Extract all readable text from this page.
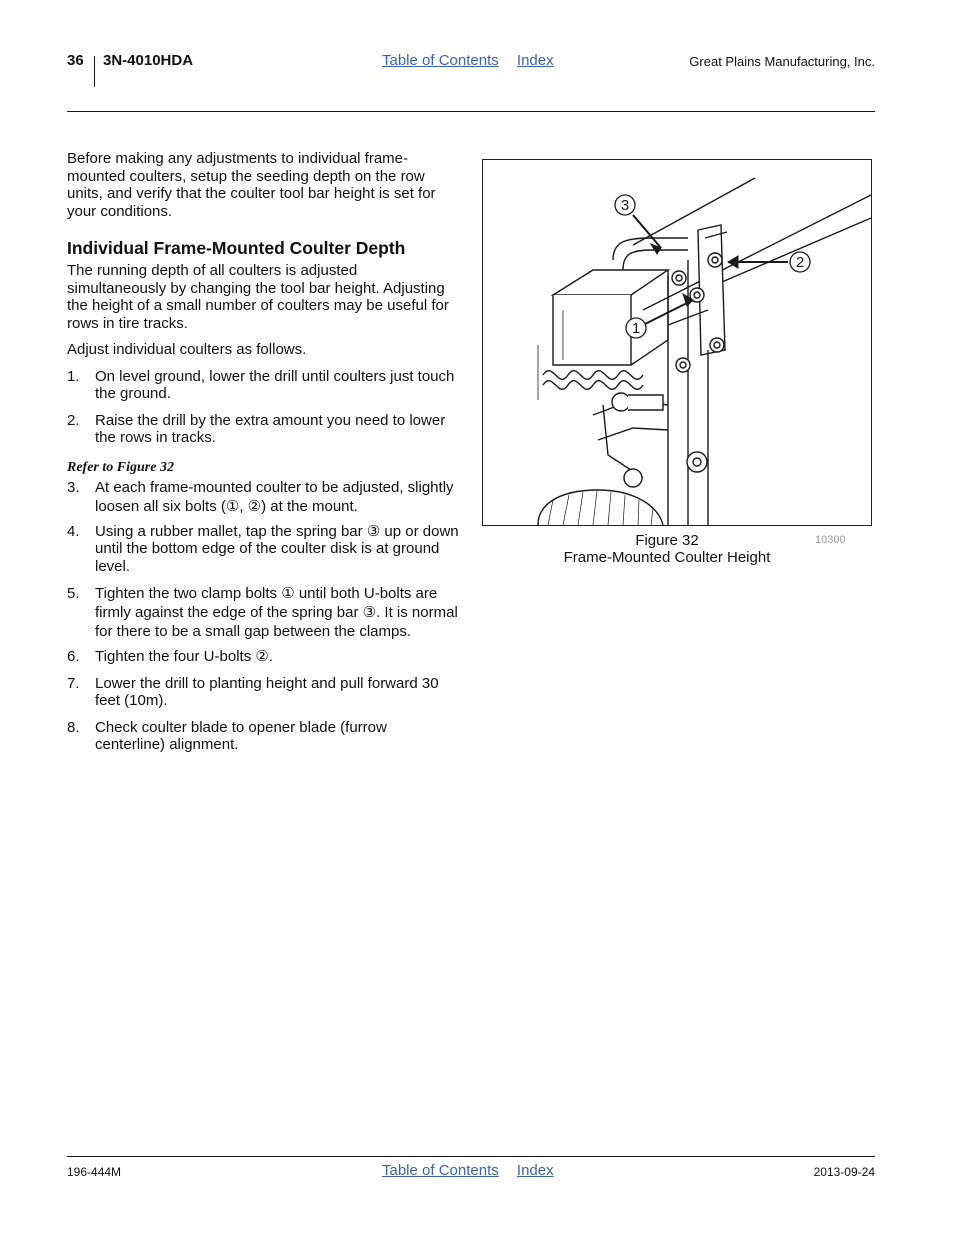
36 3N-4010HDA	Table of Contents Index	Great Plains Manufacturing, Inc.

Before making any adjustments to individual frame-mounted coulters, setup the seeding depth on the row units, and verify that the coulter tool bar height is set for your conditions.

Individual Frame-Mounted Coulter Depth

The running depth of all coulters is adjusted simultaneously by changing the tool bar height. Adjusting the height of a small number of coulters may be useful for rows in tire tracks.

Adjust individual coulters as follows.

1. On level ground, lower the drill until coulters just touch the ground.
2. Raise the drill by the extra amount you need to lower the rows in tracks.
Refer to Figure 32
3. At each frame-mounted coulter to be adjusted, slightly loosen all six bolts (①, ②) at the mount.
4. Using a rubber mallet, tap the spring bar ③ up or down until the bottom edge of the coulter disk is at ground level.
5. Tighten the two clamp bolts ① until both U-bolts are firmly against the edge of the spring bar ③. It is normal for there to be a small gap between the clamps.
6. Tighten the four U-bolts ②.
7. Lower the drill to planting height and pull forward 30 feet (10m).
8. Check coulter blade to opener blade (furrow centerline) alignment.
3
2
1
Figure 32
Frame-Mounted Coulter Height
10300
196-444M	Table of Contents Index	2013-09-24
